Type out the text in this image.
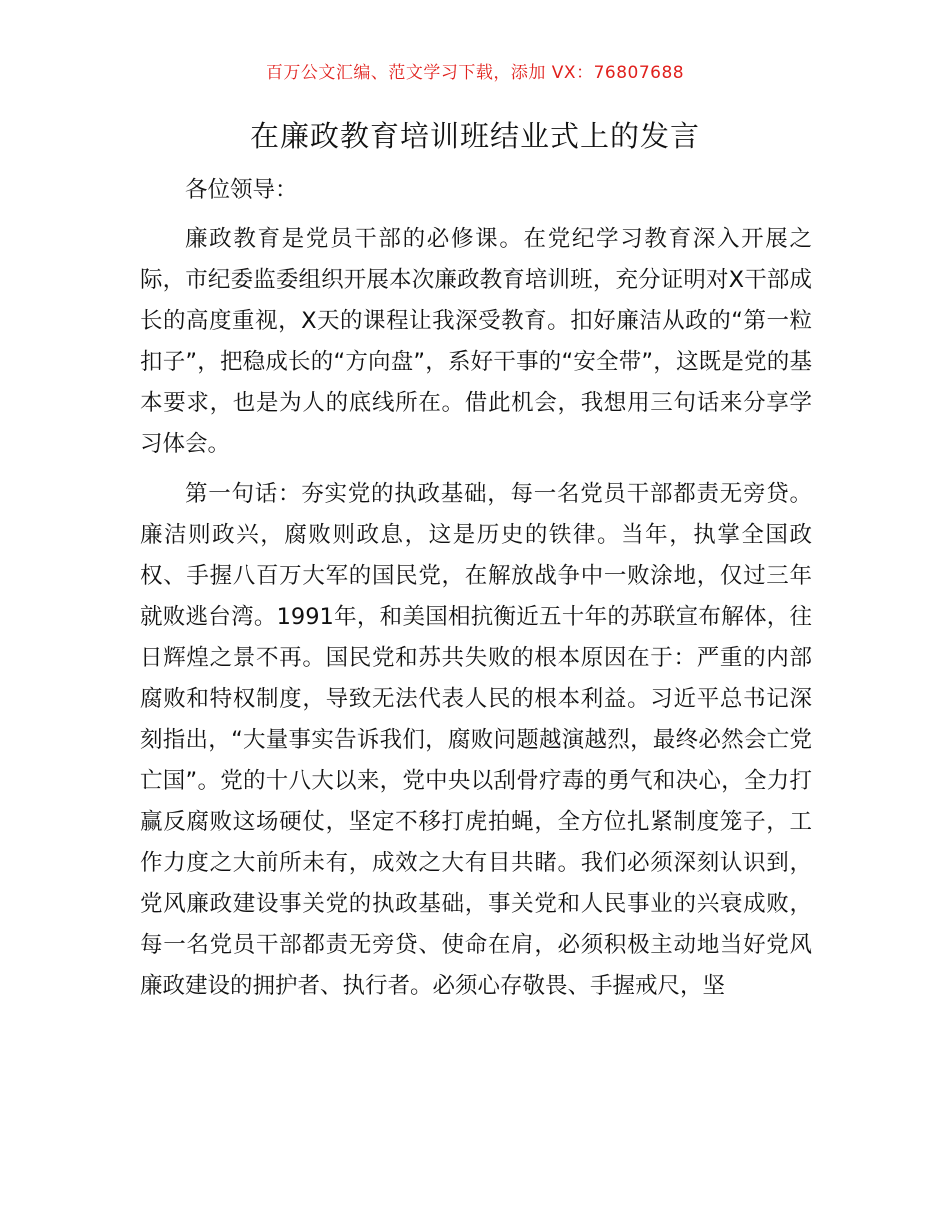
百万公文汇编、范文学习下载，添加 VX：76807688
在廉政教育培训班结业式上的发言

各位领导：

廉政教育是党员干部的必修课。在党纪学习教育深入开展之际，市纪委监委组织开展本次廉政教育培训班，充分证明对X干部成长的高度重视，X天的课程让我深受教育。扣好廉洁从政的“第一粒扣子”，把稳成长的“方向盘”，系好干事的“安全带”，这既是党的基本要求，也是为人的底线所在。借此机会，我想用三句话来分享学习体会。

第一句话：夯实党的执政基础，每一名党员干部都责无旁贷。廉洁则政兴，腐败则政息，这是历史的铁律。当年，执掌全国政权、手握八百万大军的国民党，在解放战争中一败涂地，仅过三年就败逃台湾。1991年，和美国相抗衡近五十年的苏联宣布解体，往日辉煌之景不再。国民党和苏共失败的根本原因在于：严重的内部腐败和特权制度，导致无法代表人民的根本利益。习近平总书记深刻指出，“大量事实告诉我们，腐败问题越演越烈，最终必然会亡党亡国”。党的十八大以来，党中央以刮骨疗毒的勇气和决心，全力打赢反腐败这场硬仗，坚定不移打虎拍蝇，全方位扎紧制度笼子，工作力度之大前所未有，成效之大有目共睹。我们必须深刻认识到，党风廉政建设事关党的执政基础，事关党和人民事业的兴衰成败，每一名党员干部都责无旁贷、使命在肩，必须积极主动地当好党风廉政建设的拥护者、执行者。必须心存敬畏、手握戒尺，坚
